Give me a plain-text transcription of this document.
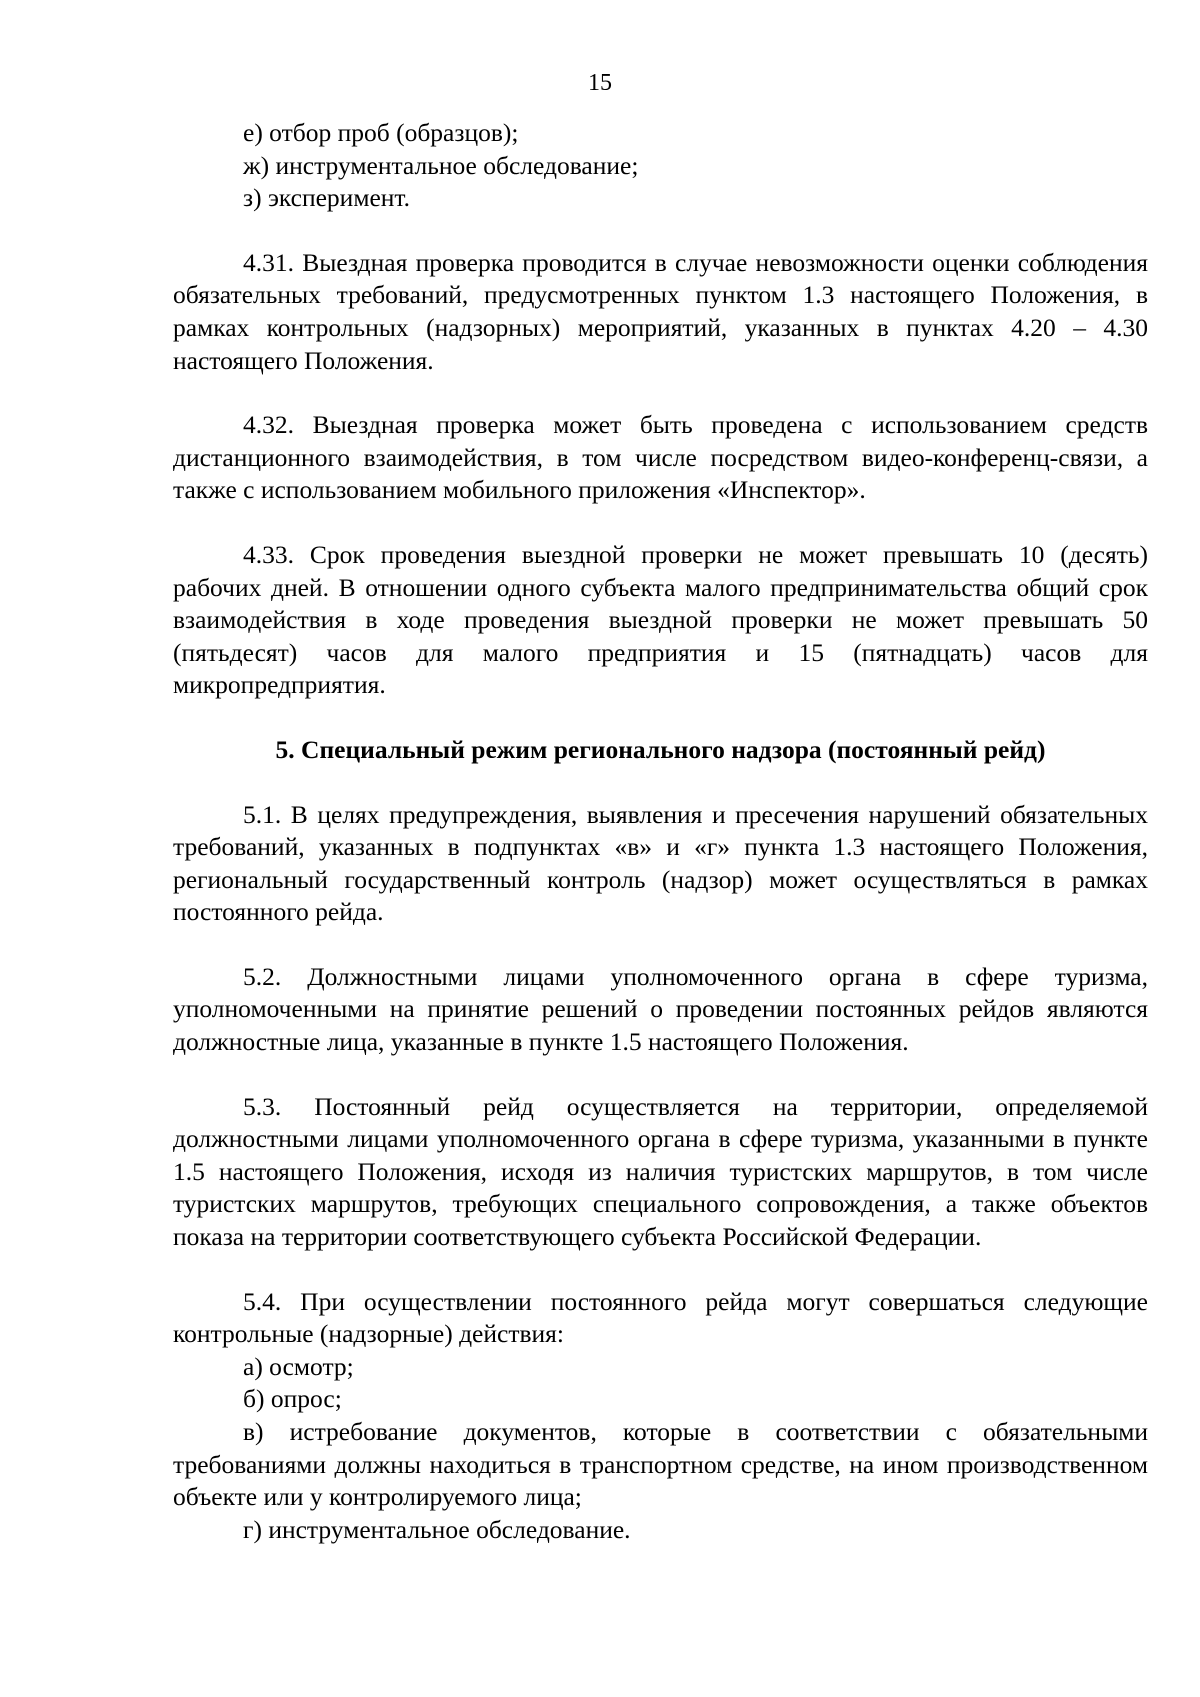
15

е) отбор проб (образцов);

ж) инструментальное обследование;

з) эксперимент.

4.31. Выездная проверка проводится в случае невозможности оценки соблюдения обязательных требований, предусмотренных пунктом 1.3 настоящего Положения, в рамках контрольных (надзорных) мероприятий, указанных в пунктах 4.20 – 4.30 настоящего Положения.

4.32. Выездная проверка может быть проведена с использованием средств дистанционного взаимодействия, в том числе посредством видео-конференц-связи, а также с использованием мобильного приложения «Инспектор».

4.33. Срок проведения выездной проверки не может превышать 10 (десять) рабочих дней. В отношении одного субъекта малого предпринимательства общий срок взаимодействия в ходе проведения выездной проверки не может превышать 50 (пятьдесят) часов для малого предприятия и 15 (пятнадцать) часов для микропредприятия.

5. Специальный режим регионального надзора (постоянный рейд)

5.1. В целях предупреждения, выявления и пресечения нарушений обязательных требований, указанных в подпунктах «в» и «г» пункта 1.3 настоящего Положения, региональный государственный контроль (надзор) может осуществляться в рамках постоянного рейда.

5.2. Должностными лицами уполномоченного органа в сфере туризма, уполномоченными на принятие решений о проведении постоянных рейдов являются должностные лица, указанные в пункте 1.5 настоящего Положения.

5.3. Постоянный рейд осуществляется на территории, определяемой должностными лицами уполномоченного органа в сфере туризма, указанными в пункте 1.5 настоящего Положения, исходя из наличия туристских маршрутов, в том числе туристских маршрутов, требующих специального сопровождения, а также объектов показа на территории соответствующего субъекта Российской Федерации.

5.4. При осуществлении постоянного рейда могут совершаться следующие контрольные (надзорные) действия:

а) осмотр;

б) опрос;

в) истребование документов, которые в соответствии с обязательными требованиями должны находиться в транспортном средстве, на ином производственном объекте или у контролируемого лица;

г) инструментальное обследование.
